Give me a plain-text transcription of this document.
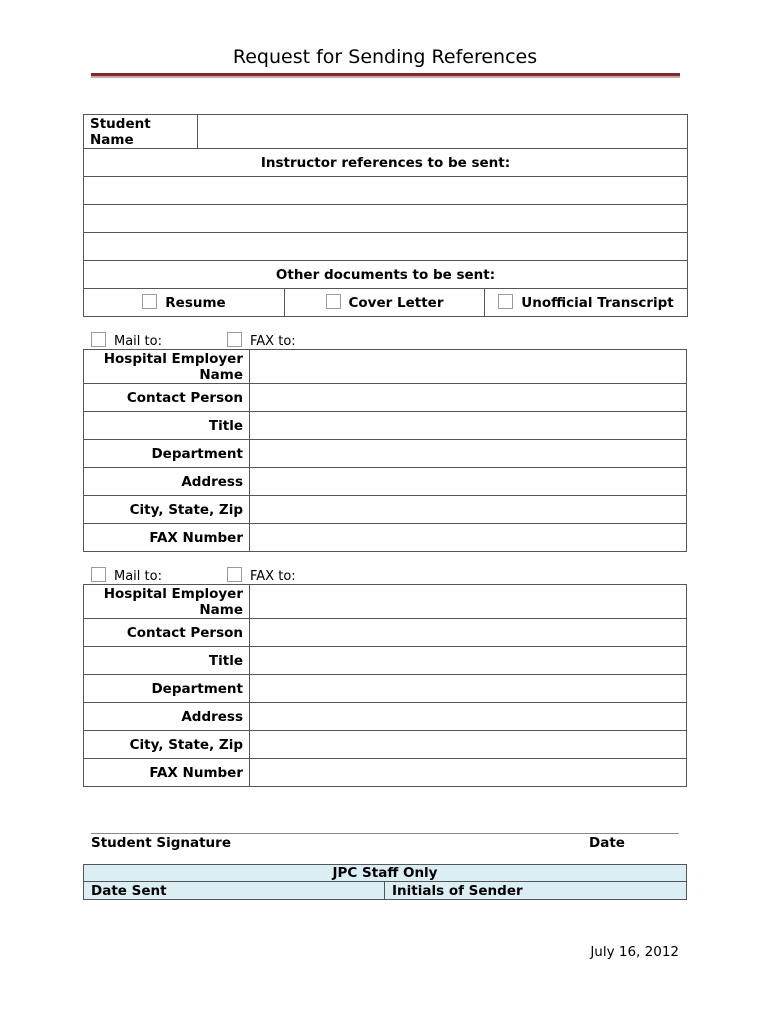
Request for Sending References
Student
Name			
Instructor references to be sent:			

Other documents to be sent:			
Resume		Cover Letter	Unofficial Transcript
Mail to:	FAX to:
Hospital Employer Name	
Contact Person	
Title	
Department	
Address	
City, State, Zip	
FAX Number	
Mail to:	FAX to:
Hospital Employer Name	
Contact Person	
Title	
Department	
Address	
City, State, Zip	
FAX Number	
Student Signature	Date
JPC Staff Only
Date Sent	Initials of Sender
July 16, 2012
